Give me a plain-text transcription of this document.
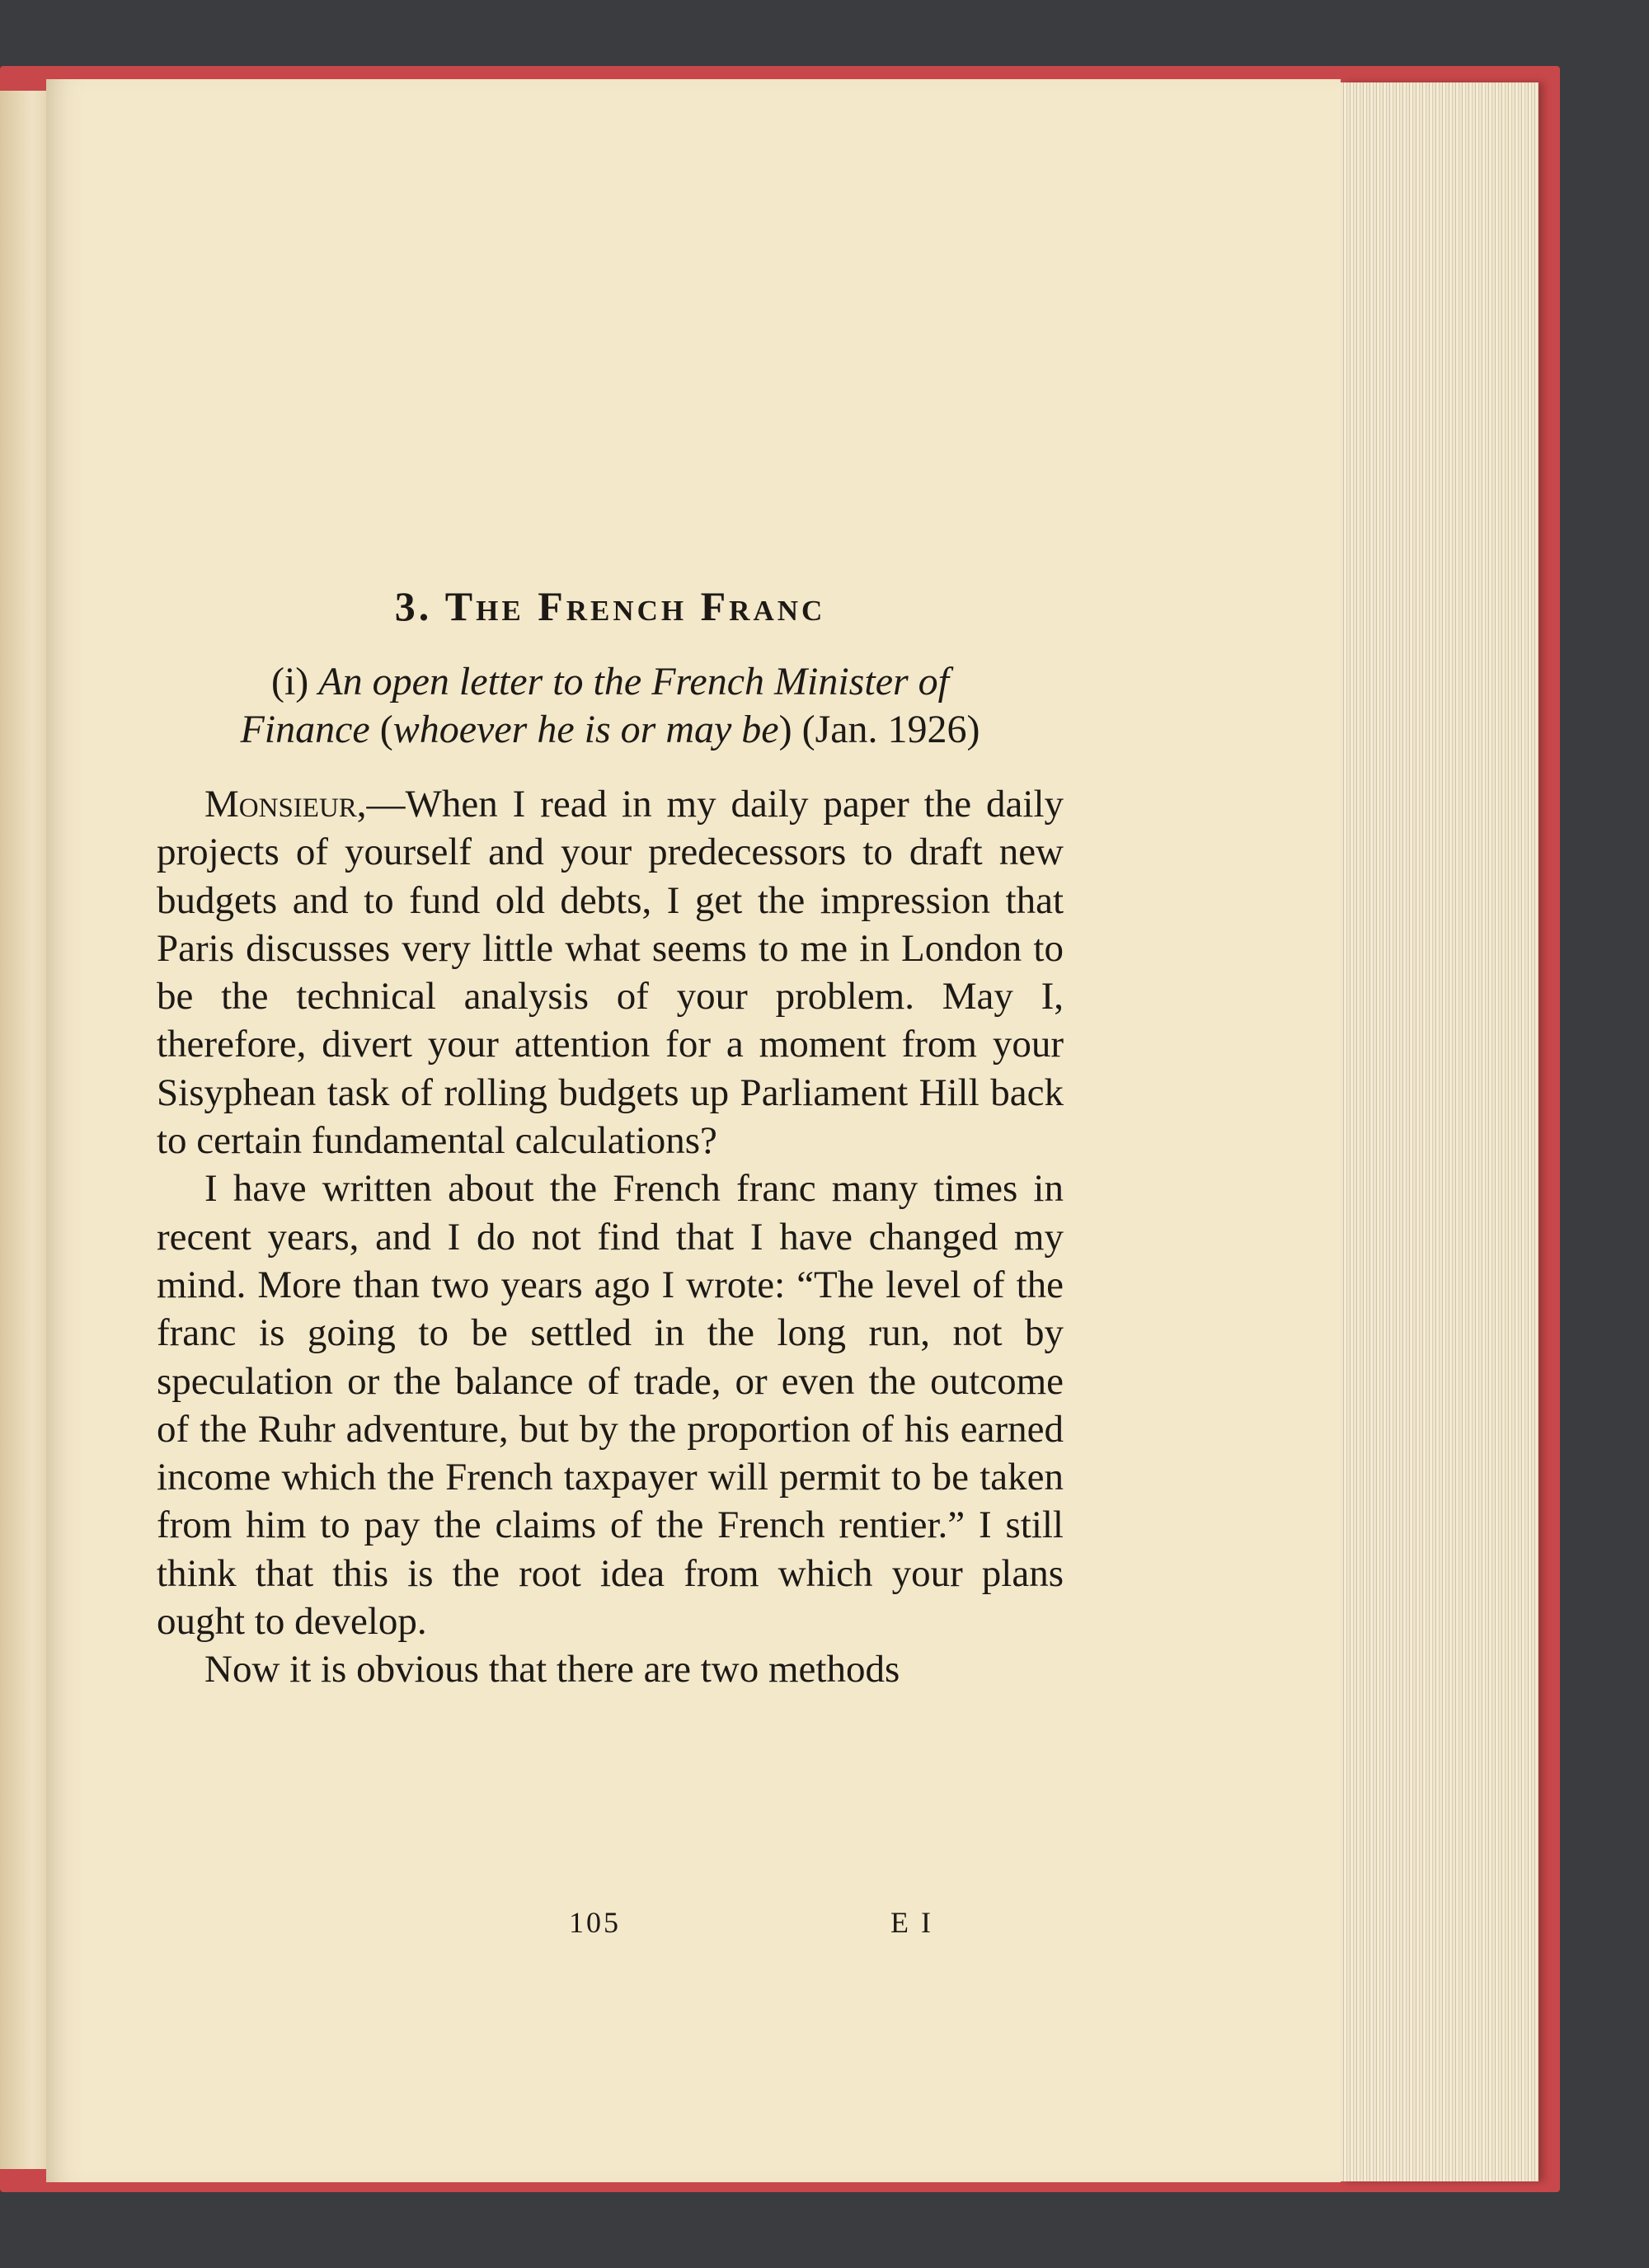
3. The French Franc
(i) An open letter to the French Minister of
Finance (whoever he is or may be) (Jan. 1926)

Monsieur,—When I read in my daily paper the daily projects of yourself and your predecessors to draft new budgets and to fund old debts, I get the impression that Paris discusses very little what seems to me in London to be the technical analysis of your problem. May I, therefore, divert your attention for a moment from your Sisyphean task of rolling budgets up Parliament Hill back to certain fundamental calculations?

I have written about the French franc many times in recent years, and I do not find that I have changed my mind. More than two years ago I wrote: “The level of the franc is going to be settled in the long run, not by speculation or the balance of trade, or even the outcome of the Ruhr adventure, but by the proportion of his earned income which the French taxpayer will permit to be taken from him to pay the claims of the French rentier.” I still think that this is the root idea from which your plans ought to develop.

Now it is obvious that there are two methods

105	E I
